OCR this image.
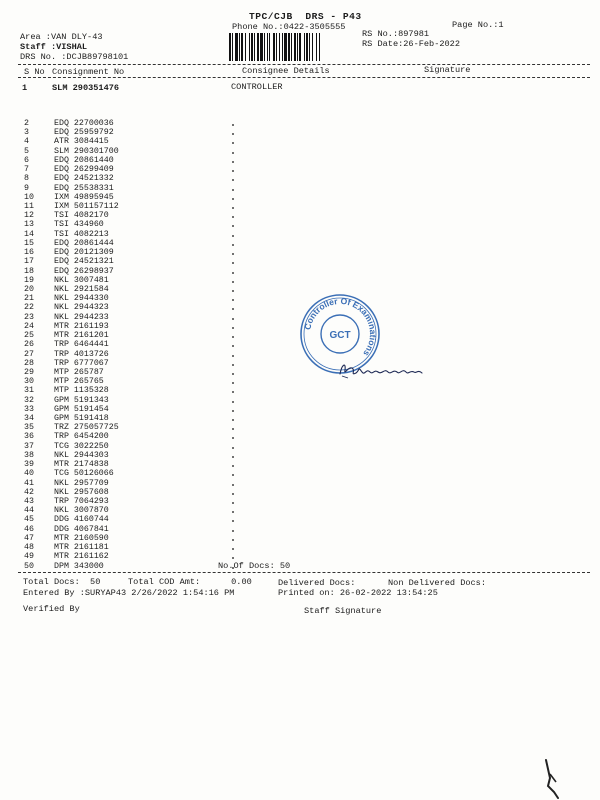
TPC/CJB  DRS - P43
Phone No.:0422-3505555	Page No.:1
Area :VAN DLY-43
Staff :VISHAL
DRS No. :DCJB89798101
RS No.:897981
RS Date:26-Feb-2022
S No Consignment No	Consignee Details	Signature
1	SLM 290351476	CONTROLLER
2	EDQ 22700036
3	EDQ 25959792
4	ATR 3084415
5	SLM 290301700
6	EDQ 20861440
7	EDQ 26299409
8	EDQ 24521332
9	EDQ 25538331
10	IXM 49895945
11	IXM 501157112
12	TSI 4082170
13	TSI 434960
14	TSI 4082213
15	EDQ 20861444
16	EDQ 20121309
17	EDQ 24521321
18	EDQ 26298937
19	NKL 3007481
20	NKL 2921584
21	NKL 2944330
22	NKL 2944323
23	NKL 2944233
24	MTR 2161193
25	MTR 2161201
26	TRP 6464441
27	TRP 4013726
28	TRP 6777067
29	MTP 265787
30	MTP 265765
31	MTP 1135328
32	GPM 5191343
33	GPM 5191454
34	GPM 5191418
35	TRZ 275057725
36	TRP 6454200
37	TCG 3022250
38	NKL 2944303
39	MTR 2174838
40	TCG 50126066
41	NKL 2957709
42	NKL 2957608
43	TRP 7064293
44	NKL 3007870
45	DDG 4160744
46	DDG 4067841
47	MTR 2160590
48	MTR 2161181
49	MTR 2161162
50	DPM 343000
Controller Of Examinations
GCT
No.Of Docs: 50
Total Docs:  50	Total COD Amt:      0.00	Delivered Docs:	Non Delivered Docs:
Entered By :SURYAP43 2/26/2022 1:54:16 PM	Printed on: 26-02-2022 13:54:25
Verified By	Staff Signature
